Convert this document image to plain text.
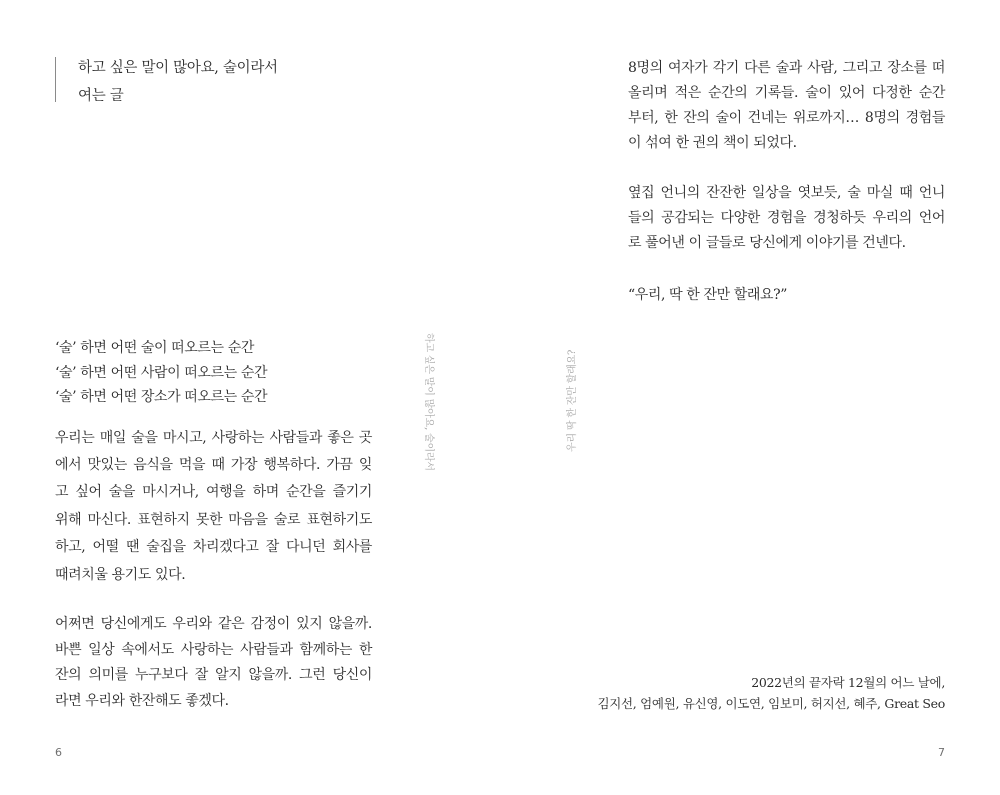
하고 싶은 말이 많아요, 술이라서
여는 글
‘술’ 하면 어떤 술이 떠오르는 순간
‘술’ 하면 어떤 사람이 떠오르는 순간
‘술’ 하면 어떤 장소가 떠오르는 순간
우리는 매일 술을 마시고, 사랑하는 사람들과 좋은 곳
에서 맛있는 음식을 먹을 때 가장 행복하다. 가끔 잊
고 싶어 술을 마시거나, 여행을 하며 순간을 즐기기
위해 마신다. 표현하지 못한 마음을 술로 표현하기도
하고, 어떨 땐 술집을 차리겠다고 잘 다니던 회사를
때려치울 용기도 있다.
어쩌면 당신에게도 우리와 같은 감정이 있지 않을까.
바쁜 일상 속에서도 사랑하는 사람들과 함께하는 한
잔의 의미를 누구보다 잘 알지 않을까. 그런 당신이
라면 우리와 한잔해도 좋겠다.
하고 싶은 말이 많아요, 술이라서
6
우리 딱 한 잔만 할래요?
8명의 여자가 각기 다른 술과 사람, 그리고 장소를 떠
올리며 적은 순간의 기록들. 술이 있어 다정한 순간
부터, 한 잔의 술이 건네는 위로까지… 8명의 경험들
이 섞여 한 권의 책이 되었다.
옆집 언니의 잔잔한 일상을 엿보듯, 술 마실 때 언니
들의 공감되는 다양한 경험을 경청하듯 우리의 언어
로 풀어낸 이 글들로 당신에게 이야기를 건넨다.
“우리, 딱 한 잔만 할래요?”
2022년의 끝자락 12월의 어느 날에,
김지선, 엄예원, 유신영, 이도연, 임보미, 허지선, 혜주, Great Seo
7
